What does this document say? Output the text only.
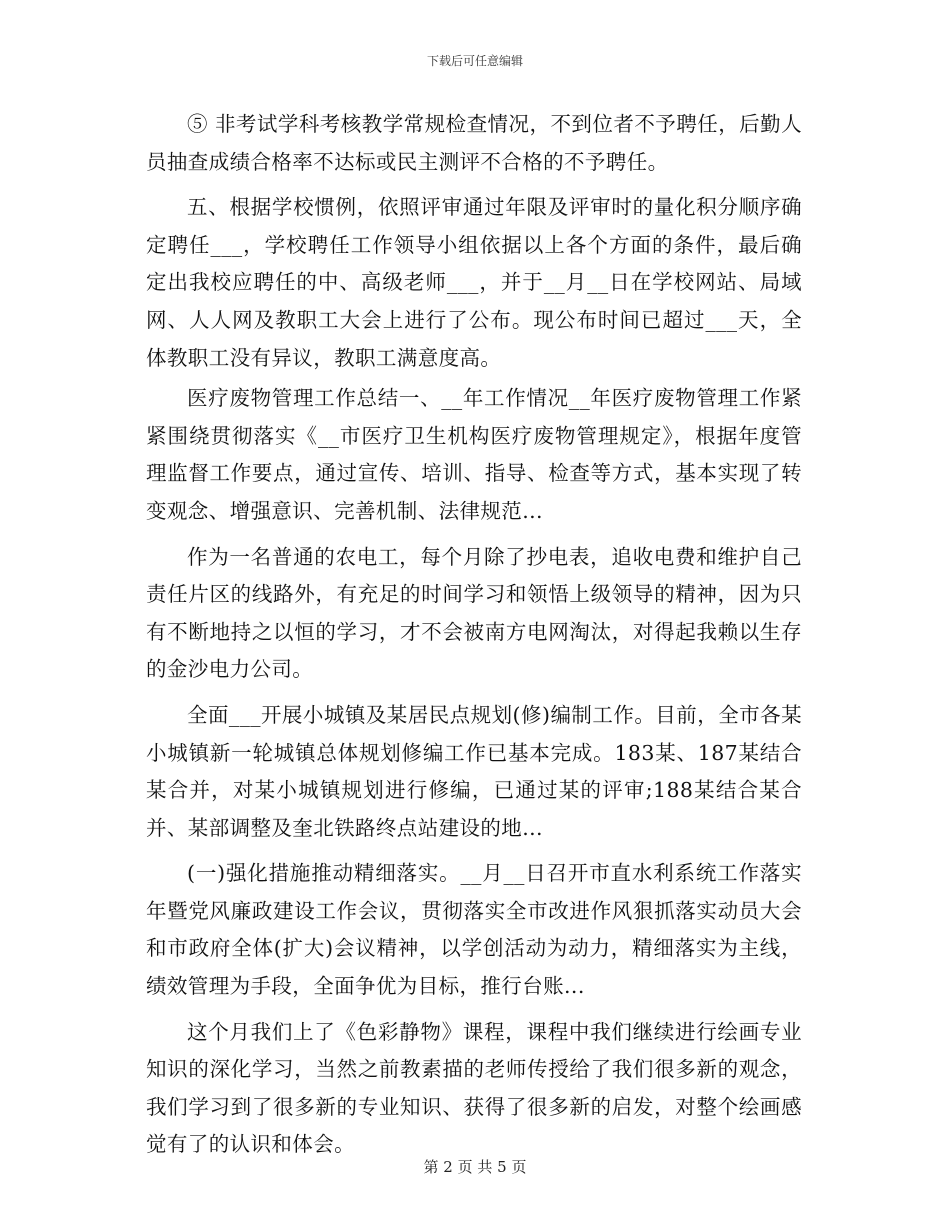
下载后可任意编辑

⑤ 非考试学科考核教学常规检查情况，不到位者不予聘任，后勤人员抽查成绩合格率不达标或民主测评不合格的不予聘任。

五、根据学校惯例，依照评审通过年限及评审时的量化积分顺序确定聘任___，学校聘任工作领导小组依据以上各个方面的条件，最后确定出我校应聘任的中、高级老师___，并于__月__日在学校网站、局域网、人人网及教职工大会上进行了公布。现公布时间已超过___天，全体教职工没有异议，教职工满意度高。

医疗废物管理工作总结一、__年工作情况__年医疗废物管理工作紧紧围绕贯彻落实《__市医疗卫生机构医疗废物管理规定》，根据年度管理监督工作要点，通过宣传、培训、指导、检查等方式，基本实现了转变观念、增强意识、完善机制、法律规范...

作为一名普通的农电工，每个月除了抄电表，追收电费和维护自己责任片区的线路外，有充足的时间学习和领悟上级领导的精神，因为只有不断地持之以恒的学习，才不会被南方电网淘汰，对得起我赖以生存的金沙电力公司。

全面___开展小城镇及某居民点规划(修)编制工作。目前，全市各某小城镇新一轮城镇总体规划修编工作已基本完成。183某、187某结合某合并，对某小城镇规划进行修编，已通过某的评审;188某结合某合并、某部调整及奎北铁路终点站建设的地...

(一)强化措施推动精细落实。__月__日召开市直水利系统工作落实年暨党风廉政建设工作会议，贯彻落实全市改进作风狠抓落实动员大会和市政府全体(扩大)会议精神，以学创活动为动力，精细落实为主线，绩效管理为手段，全面争优为目标，推行台账...

这个月我们上了《色彩静物》课程，课程中我们继续进行绘画专业知识的深化学习，当然之前教素描的老师传授给了我们很多新的观念，我们学习到了很多新的专业知识、获得了很多新的启发，对整个绘画感觉有了的认识和体会。

第 2 页 共 5 页
